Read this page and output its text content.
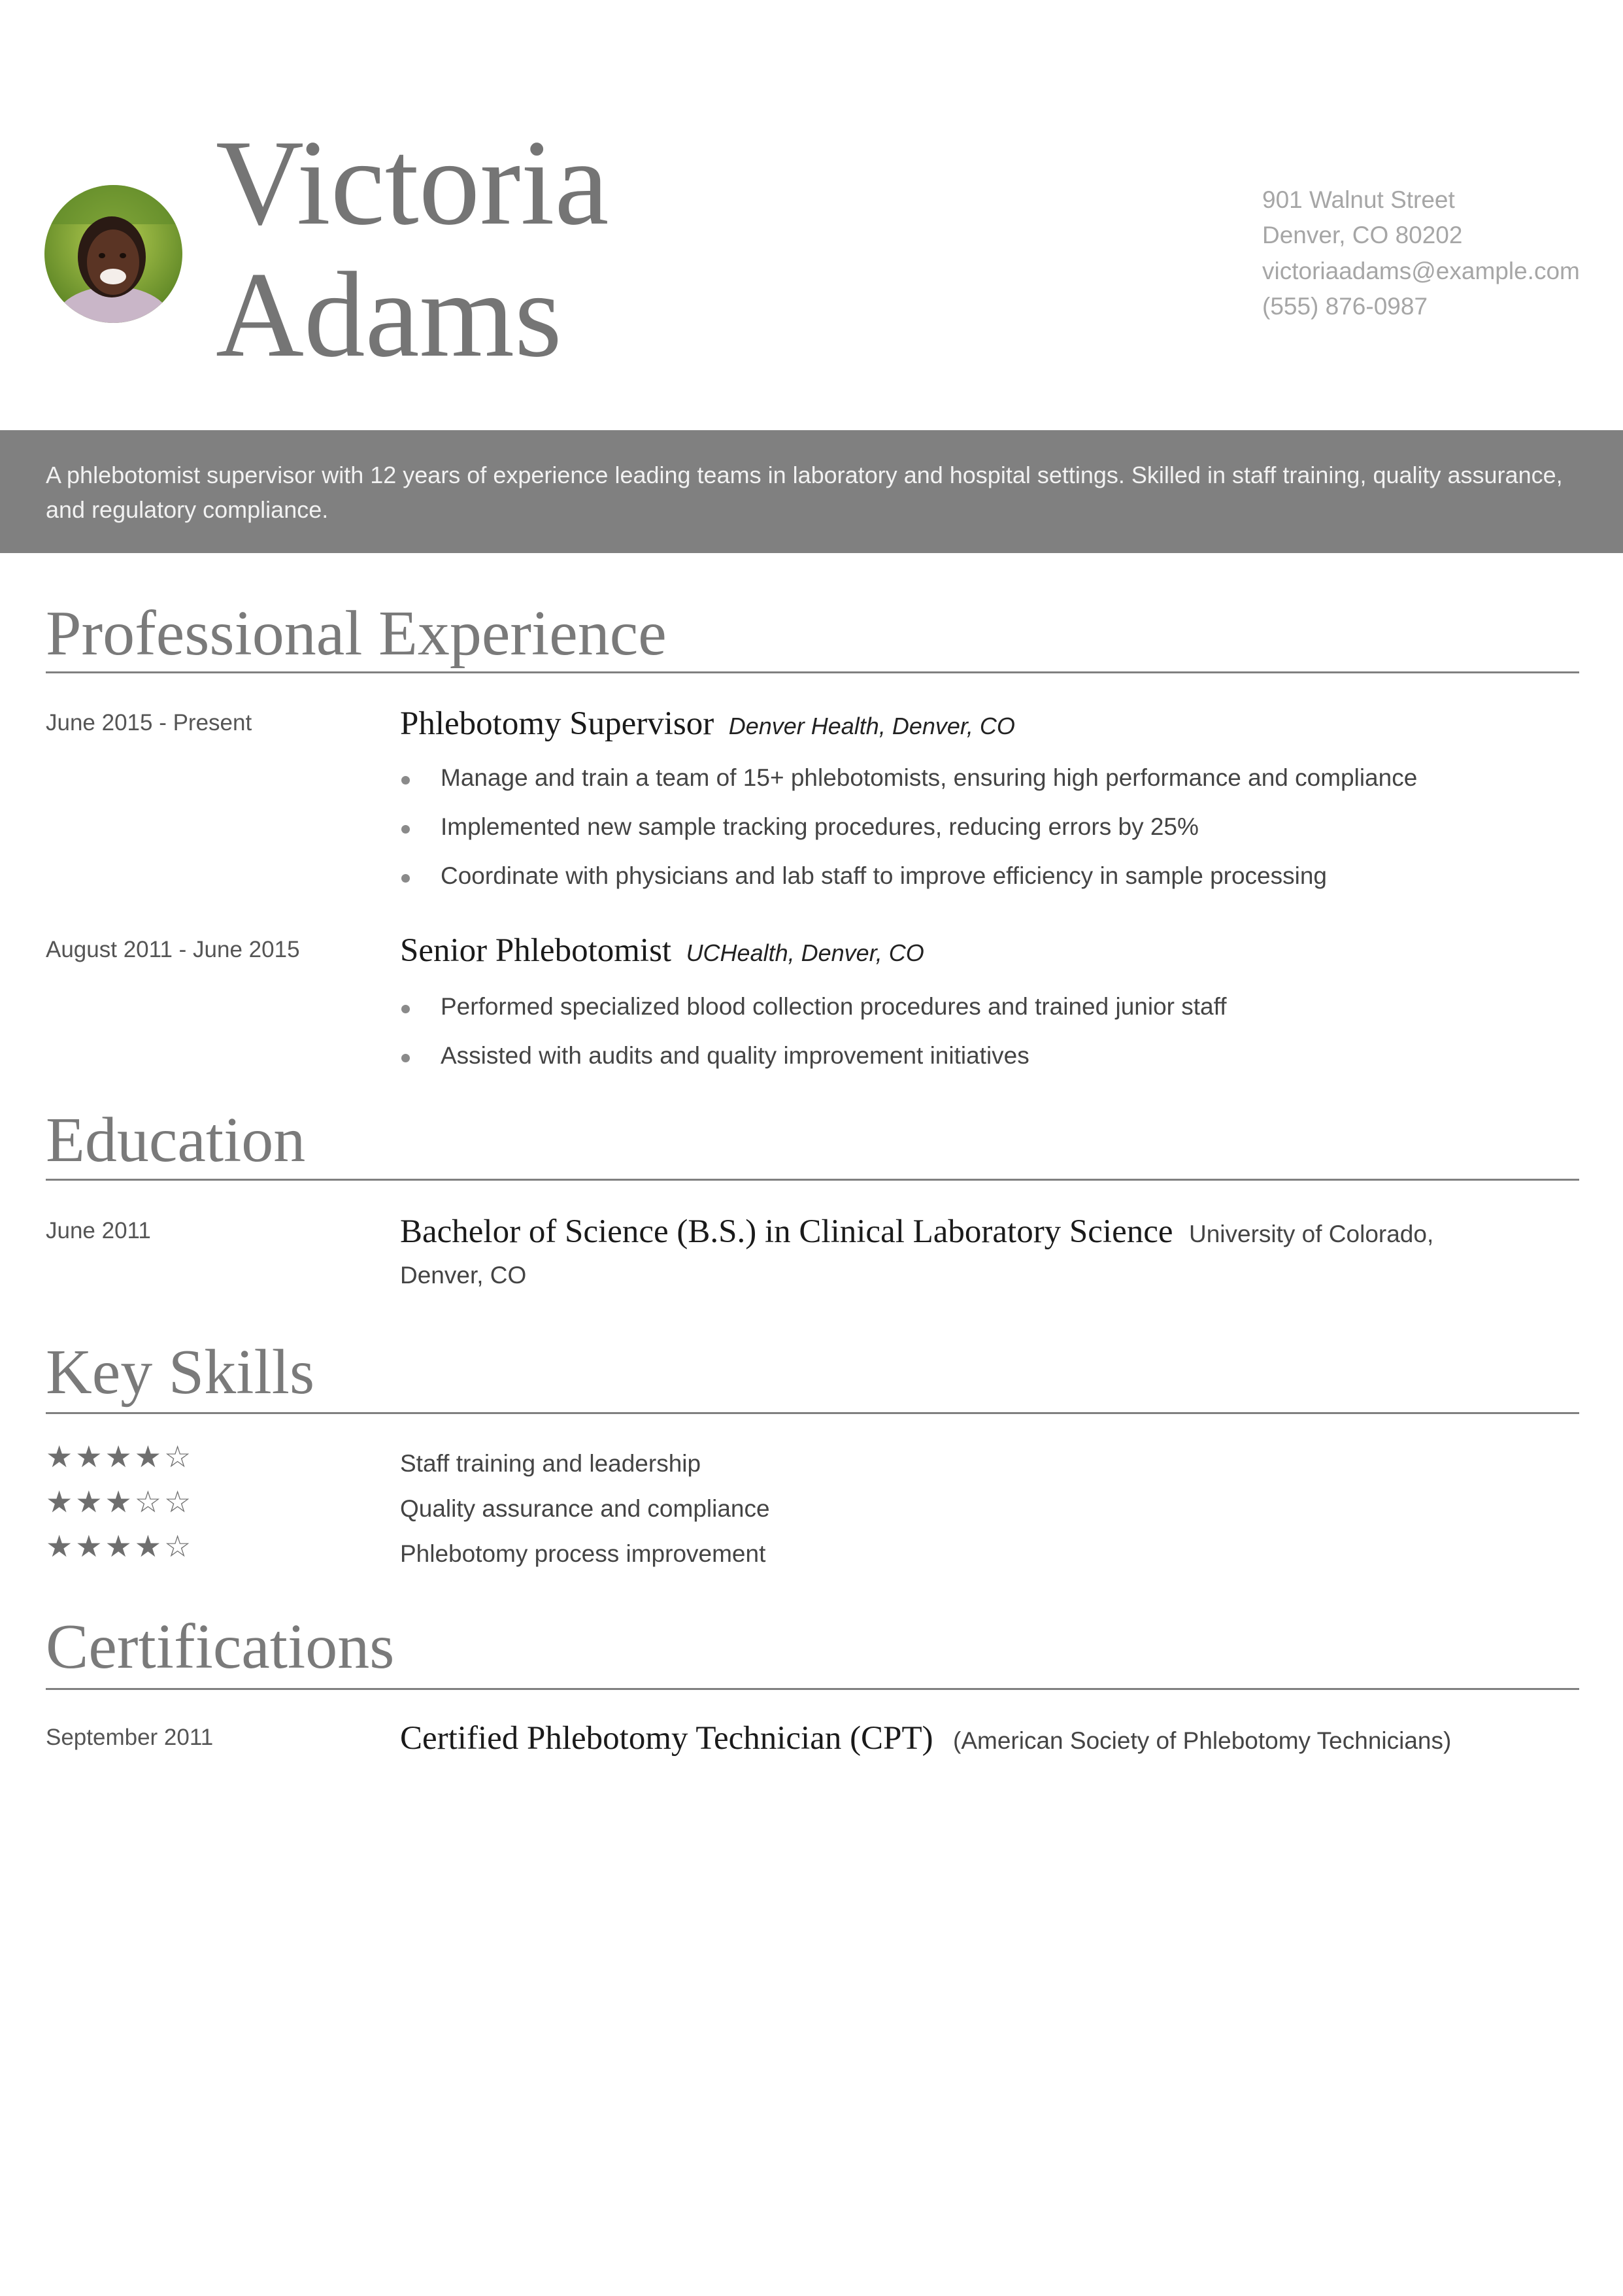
Victoria
Adams
901 Walnut Street
Denver, CO 80202
victoriaadams@example.com
(555) 876-0987
A phlebotomist supervisor with 12 years of experience leading teams in laboratory and hospital settings. Skilled in staff training, quality assurance, and regulatory compliance.
Professional Experience
June 2015 - Present	Phlebotomy Supervisor Denver Health, Denver, CO
Manage and train a team of 15+ phlebotomists, ensuring high performance and compliance
Implemented new sample tracking procedures, reducing errors by 25%
Coordinate with physicians and lab staff to improve efficiency in sample processing
August 2011 - June 2015	Senior Phlebotomist UCHealth, Denver, CO
Performed specialized blood collection procedures and trained junior staff
Assisted with audits and quality improvement initiatives
Education
June 2011	Bachelor of Science (B.S.) in Clinical Laboratory Science University of Colorado,
Denver, CO
Key Skills
★★★★☆	Staff training and leadership
★★★☆☆	Quality assurance and compliance
★★★★☆	Phlebotomy process improvement
Certifications
September 2011	Certified Phlebotomy Technician (CPT) (American Society of Phlebotomy Technicians)
